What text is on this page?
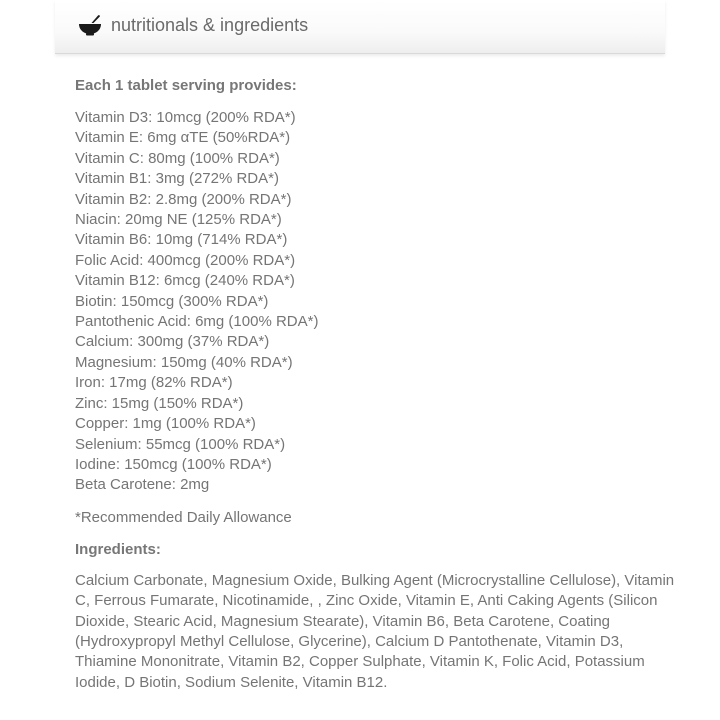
nutritionals & ingredients

Each 1 tablet serving provides:

Vitamin D3: 10mcg (200% RDA*)
Vitamin E: 6mg αTE (50%RDA*)
Vitamin C: 80mg (100% RDA*)
Vitamin B1: 3mg (272% RDA*)
Vitamin B2: 2.8mg (200% RDA*)
Niacin: 20mg NE (125% RDA*)
Vitamin B6: 10mg (714% RDA*)
Folic Acid: 400mcg (200% RDA*)
Vitamin B12: 6mcg (240% RDA*)
Biotin: 150mcg (300% RDA*)
Pantothenic Acid: 6mg (100% RDA*)
Calcium: 300mg (37% RDA*)
Magnesium: 150mg (40% RDA*)
Iron: 17mg (82% RDA*)
Zinc: 15mg (150% RDA*)
Copper: 1mg (100% RDA*)
Selenium: 55mcg (100% RDA*)
Iodine: 150mcg (100% RDA*)
Beta Carotene: 2mg

*Recommended Daily Allowance

Ingredients:

Calcium Carbonate, Magnesium Oxide, Bulking Agent (Microcrystalline Cellulose), Vitamin C, Ferrous Fumarate, Nicotinamide, , Zinc Oxide, Vitamin E, Anti Caking Agents (Silicon Dioxide, Stearic Acid, Magnesium Stearate), Vitamin B6, Beta Carotene, Coating (Hydroxypropyl Methyl Cellulose, Glycerine), Calcium D Pantothenate, Vitamin D3, Thiamine Mononitrate, Vitamin B2, Copper Sulphate, Vitamin K, Folic Acid, Potassium Iodide, D Biotin, Sodium Selenite, Vitamin B12.
